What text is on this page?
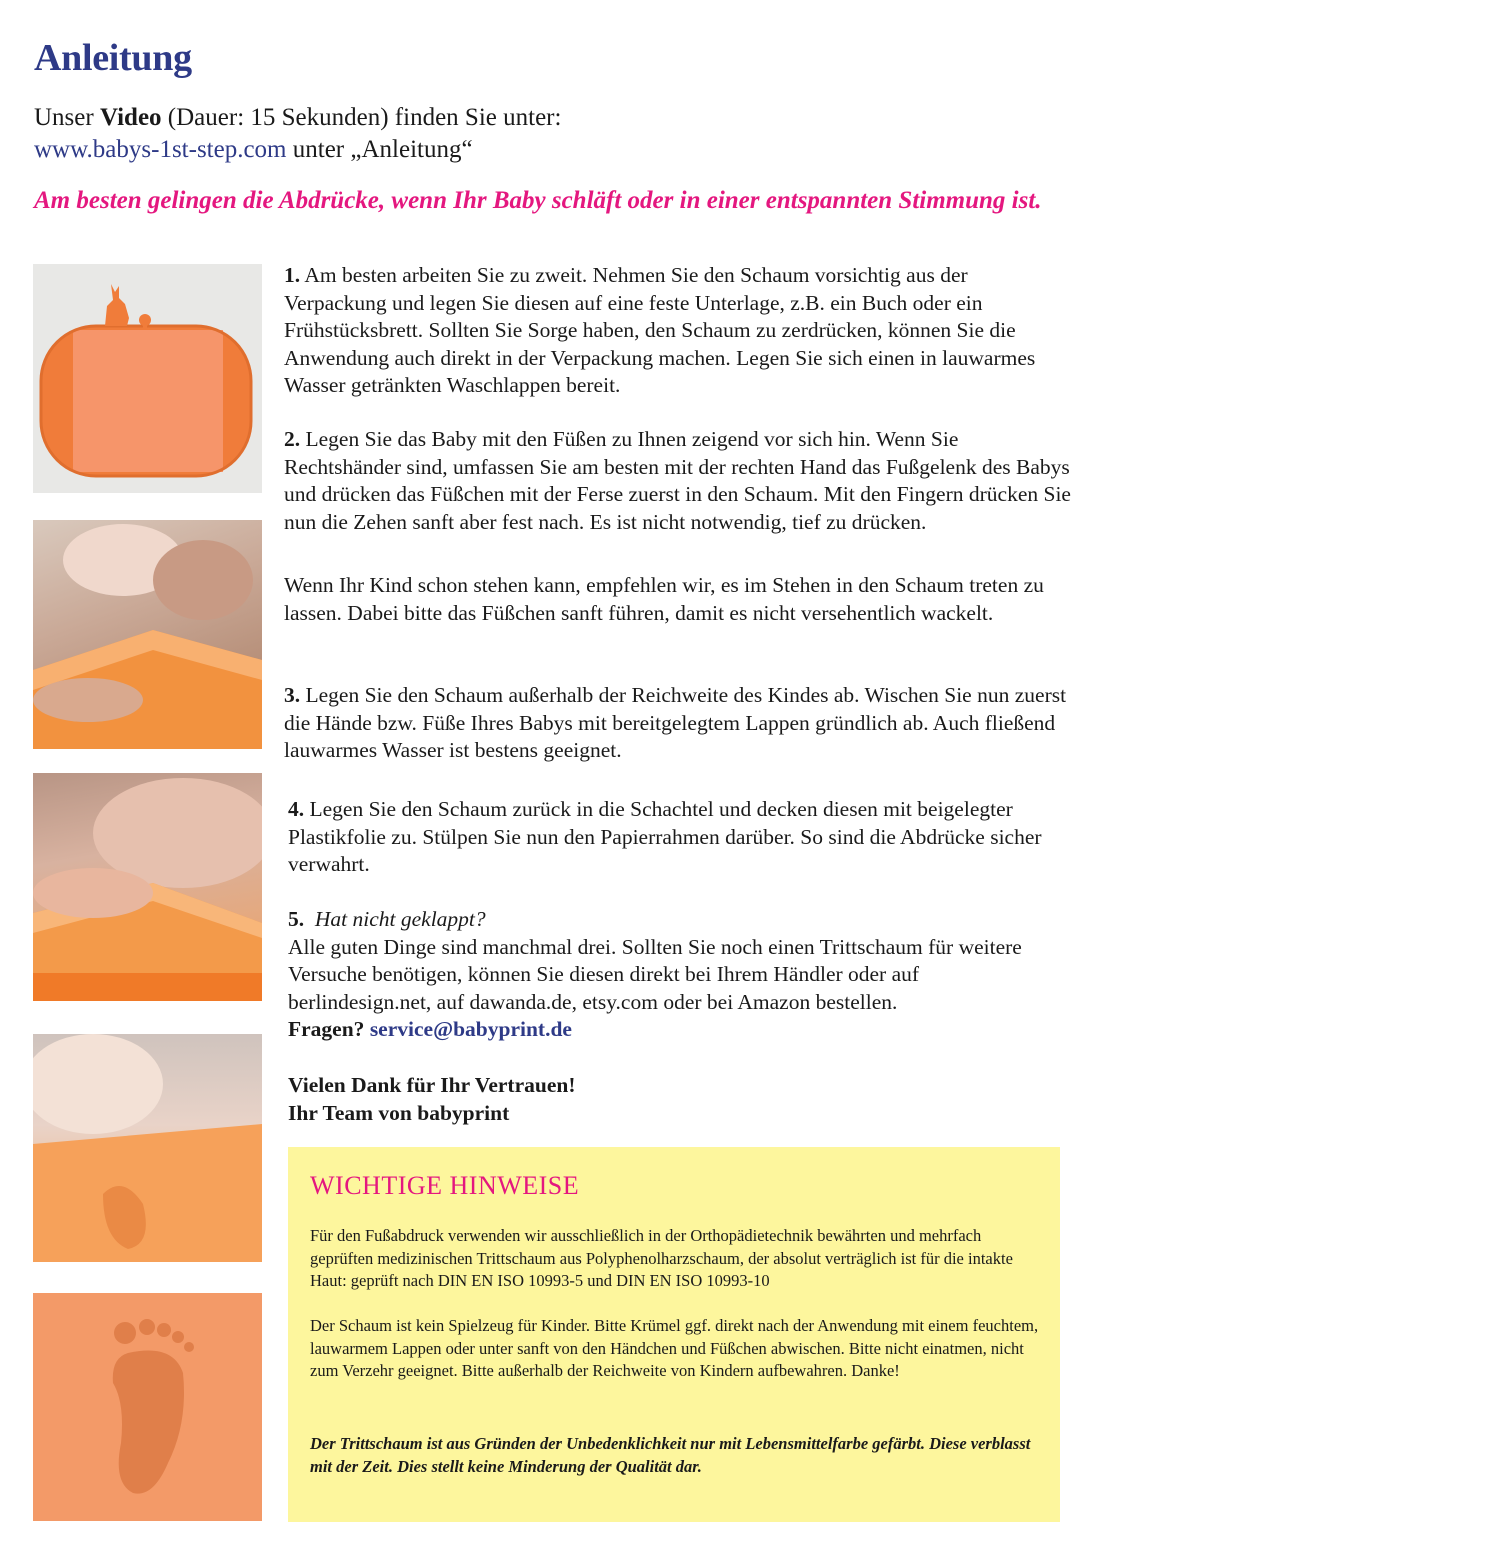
Anleitung
Unser Video (Dauer: 15 Sekunden) finden Sie unter:
www.babys-1st-step.com unter „Anleitung“
Am besten gelingen die Abdrücke, wenn Ihr Baby schläft oder in einer entspannten Stimmung ist.

1. Am besten arbeiten Sie zu zweit. Nehmen Sie den Schaum vorsichtig aus der Verpackung und legen Sie diesen auf eine feste Unterlage, z.B. ein Buch oder ein Frühstücksbrett. Sollten Sie Sorge haben, den Schaum zu zerdrücken, können Sie die Anwendung auch direkt in der Verpackung machen. Legen Sie sich einen in lauwarmes Wasser getränkten Waschlappen bereit.

2. Legen Sie das Baby mit den Füßen zu Ihnen zeigend vor sich hin. Wenn Sie Rechtshänder sind, umfassen Sie am besten mit der rechten Hand das Fußgelenk des Babys und drücken das Füßchen mit der Ferse zuerst in den Schaum. Mit den Fingern drücken Sie nun die Zehen sanft aber fest nach. Es ist nicht notwendig, tief zu drücken.

Wenn Ihr Kind schon stehen kann, empfehlen wir, es im Stehen in den Schaum treten zu lassen. Dabei bitte das Füßchen sanft führen, damit es nicht versehentlich wackelt.

3. Legen Sie den Schaum außerhalb der Reichweite des Kindes ab. Wischen Sie nun zuerst die Hände bzw. Füße Ihres Babys mit bereitgelegtem Lappen gründlich ab. Auch fließend lauwarmes Wasser ist bestens geeignet.

4. Legen Sie den Schaum zurück in die Schachtel und decken diesen mit beigelegter Plastikfolie zu. Stülpen Sie nun den Papierrahmen darüber. So sind die Abdrücke sicher verwahrt.

5. Hat nicht geklappt?

Alle guten Dinge sind manchmal drei. Sollten Sie noch einen Trittschaum für weitere Versuche benötigen, können Sie diesen direkt bei Ihrem Händler oder auf berlindesign.net, auf dawanda.de, etsy.com oder bei Amazon bestellen.

Fragen? service@babyprint.de

Vielen Dank für Ihr Vertrauen!
Ihr Team von babyprint
WICHTIGE HINWEISE

Für den Fußabdruck verwenden wir ausschließlich in der Orthopädietechnik bewährten und mehrfach geprüften medizinischen Trittschaum aus Polyphenolharzschaum, der absolut verträglich ist für die intakte Haut: geprüft nach DIN EN ISO 10993-5 und DIN EN ISO 10993-10

Der Schaum ist kein Spielzeug für Kinder. Bitte Krümel ggf. direkt nach der Anwendung mit einem feuchtem, lauwarmem Lappen oder unter sanft von den Händchen und Füßchen abwischen. Bitte nicht einatmen, nicht zum Verzehr geeignet. Bitte außerhalb der Reichweite von Kindern aufbewahren. Danke!

Der Trittschaum ist aus Gründen der Unbedenklichkeit nur mit Lebensmittelfarbe gefärbt. Diese verblasst mit der Zeit. Dies stellt keine Minderung der Qualität dar.
